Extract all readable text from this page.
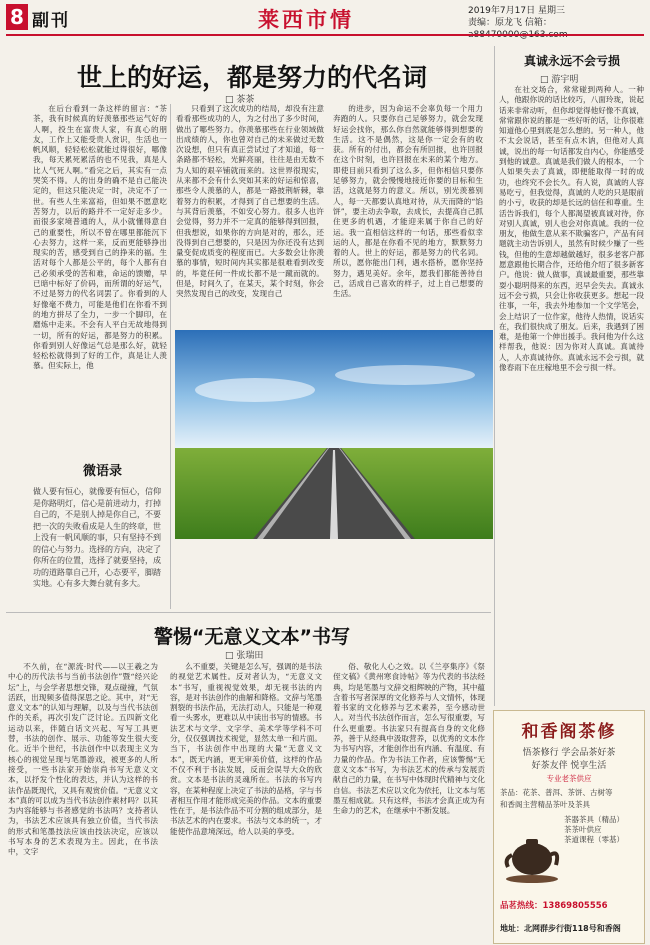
8 副刊	莱西市情	2019年7月17日 星期三
责编：原龙飞 信箱：
世上的好运，都是努力的代名词
□ 茶茶

在后台看到一条这样的留言：“茶茶，我有时候真的好羡慕那些运气好的人啊，投生在富贵人家，有真心的朋友，工作上又能受贵人赏识，生活也一帆风顺，轻轻松松就能过得很好，哪像我，每天累死累活的也不见我，真是人比人气死人啊。”看完之后，其实有一点哭笑不得。人的出身的确不是自己能决定的，但这只能决定一时，决定不了一世。有些人生来富裕，但如果不愿意吃苦努力，以后的路并不一定好走多少。而很多家境普通的人，从小就懂得意自己的重要性，所以不曾在哪里都能沉下心去努力，这样一来，反而更能够挣出现实的苦，感受到自己的挣来的福。生活对每个人都是公平的，每个人都有自己必须承受的苦和难，命运的馈赠，早已暗中标好了价码，而所谓的好运气，不过是努力的代名词罢了。你看到的人好像毫不费力，可能是他们在你看不到的地方拼尽了全力，一步一个脚印，在磨炼中走来。不会有人平白无故地得到一切，所有的好运，都是努力的积累。你看到别人好像运气总是那么好，就轻轻松松就得到了好的工作，真是让人羡慕。但实际上，他

只看到了这次成功的结局，却没有注意看看那些成功的人，为之付出了多少时间，做出了哪些努力。你羡慕那些在行业领域做出成绩的人，你也曾对自己的未来做过无数次设想，但只有真正尝试过了才知道，每一条路都不轻松，光鲜亮丽，往往是由无数不为人知的艰辛铺就而来的。这世界很现实，从来都不会有什么突如其来的好运和惊喜，那些令人羡慕的人，都是一路披荆斩棘，靠着努力的积累，才得到了自己想要的生活。与其背后羡慕，不如安心努力。很多人也许会觉得，努力并不一定真的能够得到回报，但我想说，如果你的方向是对的，那么，还没得到自己想要的，只是因为你还没有达到量变促成质变的程度而已。大多数会让你羡慕的事情，短时间内其实都是很难看到改变的，毕竟任何一件成长都不是一蹴而就的。但是，时间久了，在某天，某个时刻，你会突然发现自己的改变，发现自己

的进步，因为命运不会辜负每一个用力奔跑的人。只要你自己足够努力，就会发现好运会找你，那么你自然就能够得到想要的生活。这不是偶然，这是你一定会有的收获。所有的付出，都会有所回报，也许回报在这个时刻，也许回报在未来的某个地方。即使目前只看到了这么多，但你相信只要你足够努力，就会慢慢地接近你要的目标和生活，这就是努力的意义。所以，别光羡慕别人，每一天都要认真地对待，从天而降的“馅饼”，要主动去争取，去成长，去提高自己抓住更多的机遇，才能迎来属于你自己的好运。我一直相信这样的一句话，那些看似幸运的人，都是在你看不见的地方，默默努力着的人。世上的好运，都是努力的代名词。所以，愿你能出门利，遇水搭桥，愿你坚持努力，遇见美好。余年，愿我们都能善待自己，活成自己喜欢的样子，过上自己想要的生活。

微语录
做人要有恒心，就像要有恒心，信仰是你路明灯，信心是前进动力，打掉自己的，不是别人掉是你自己，不要把一次的失败看成是人生的终章，世上没有一帆风顺的事，只有坚持不到的信心与努力。选择的方向，决定了你所在的位置，选择了就要坚持，成功的道路靠自己开，心态要平，脚踏实地。心有多大舞台就有多大。
真诚永远不会亏损
□ 游宇明

在社交场合，常常碰到两种人。一种人，他跟你说的话比较巧，八面玲珑，说起话来非常动听，但你却觉得他好像不真诚，常常跟你说的都是一些好听的话，让你很难知道他心里到底是怎么想的。另一种人，他不太会说话，甚至有点木讷，但他对人真诚，说出的每一句话都发自内心，你能感受到他的诚意。真诚是我们做人的根本，一个人如果失去了真诚，即便能取得一时的成功，也终究不会长久。有人说，真诚的人容易吃亏，但我觉得，真诚的人吃的只是眼前的小亏，收获的却是长远的信任和尊重。生活告诉我们，每个人都渴望被真诚对待，你对别人真诚，别人也会对你真诚。我的一位朋友，他做生意从来不欺骗客户，产品有问题就主动告诉别人，虽然有时候少赚了一些钱，但他的生意却越做越好，很多老客户都愿意跟他长期合作，还给他介绍了很多新客户。他说：做人做事，真诚最重要，那些靠耍小聪明得来的东西，迟早会失去。真诚永远不会亏损，只会让你收获更多。想起一段往事，一年，我去外地参加一个文学笔会，会上结识了一位作家，他待人热情，说话实在，我们很快成了朋友。后来，我遇到了困难，是他第一个伸出援手。我问他为什么这样帮我，他说：因为你对人真诚。真诚待人，人亦真诚待你。真诚永远不会亏损，就像春雨下在庄稼地里不会亏损一样。

警惕“无意义文本”书写
□ 张瑞田

不久前，在“源流·时代——以王羲之为中心的历代法书与当前书法创作”暨“经兴论坛”上，与会学者思想交锋，观点碰撞，气氛活跃，出现频多值得深思之论。其中，对“无意义文本”的认知与理解，以及与当代书法创作的关系，再次引发广泛讨论。五四新文化运动以来，伴随白话文兴起、写写工具更替，书法的创作、展示、功能等发生很大变化。近半个世纪，书法创作中以表现主义为核心的视觉呈现与笔墨游戏，被更多的人所接受，一些书法家开始崇尚书写无意义文本，以抒发个性化的表达，并认为这样的书法作品既现代，又具有观赏价值。“无意义文本”真的可以成为当代书法创作素材吗？以其为内容能够与书者感觉的书法吗？支持者认为，书法艺术应该具有独立价值，当代书法的形式和笔墨技法应该由技法决定，应该以书写本身的艺术表现为主。因此，在书法中，文字

么不重要，关键是怎么写，强调的是书法的视觉艺术属性。反对者认为，“无意义文本”书写，重视视觉效果，却无视书法的内容，是对书法创作的曲解和降格。文辞与笔墨割裂的书法作品，无法打动人，只能是一种观看一头雾水，更难以从中读出书写的情感。书法艺术与文学、文字学、美术学等学科不可分，仅仅强调技术视觉，显然太单一和片面。当下，书法创作中出现的大量“无意义文本”，既无内涵，更无审美价值，这样的作品不仅不利于书法发展，反而会误导大众的欣赏。文本是书法的灵魂所在。书法的书写内容，在某种程度上决定了书法的品格，字与书者相互作用才能形成完美的作品。文本的重要性在于，是书法作品不可分割的组成部分，是书法艺术的内在要求。书法与文本的统一，才能使作品意境深远，给人以美的享受。

俗、敬化人心之效。以《兰亭集序》《祭侄文稿》《黄州寒食诗帖》等为代表的书法经典，均是笔墨与文辞交相辉映的产物，其中蕴含着书写者深厚的文化修养与人文情怀，体现着书家的文化修养与艺术素养，至今感动世人。对当代书法创作而言，怎么写很重要，写什么更重要。书法家只有提高自身的文化修养，善于从经典中汲取营养，以优秀的文本作为书写内容，才能创作出有内涵、有温度、有力量的作品。作为书法工作者，应该警惕“无意义文本”书写，为书法艺术的传承与发展贡献自己的力量，在书写中体现时代精神与文化自信。书法艺术应以文化为依托，让文本与笔墨互相成就。只有这样，书法才会真正成为有生命力的艺术，在继承中不断发展。

和香阁茶修
悟茶修行 学会品茶好茶
好茶友伴 悦享生活
专业老茶供应
茶品：花茶、普洱、茶饼、古树等
和香阁主营精品茶叶及茶具
茶器茶具（精品）
茶茶叶供应
茶道课程（零基）
品茗热线：13869805556
地址：北网群步行街118号和香阁
